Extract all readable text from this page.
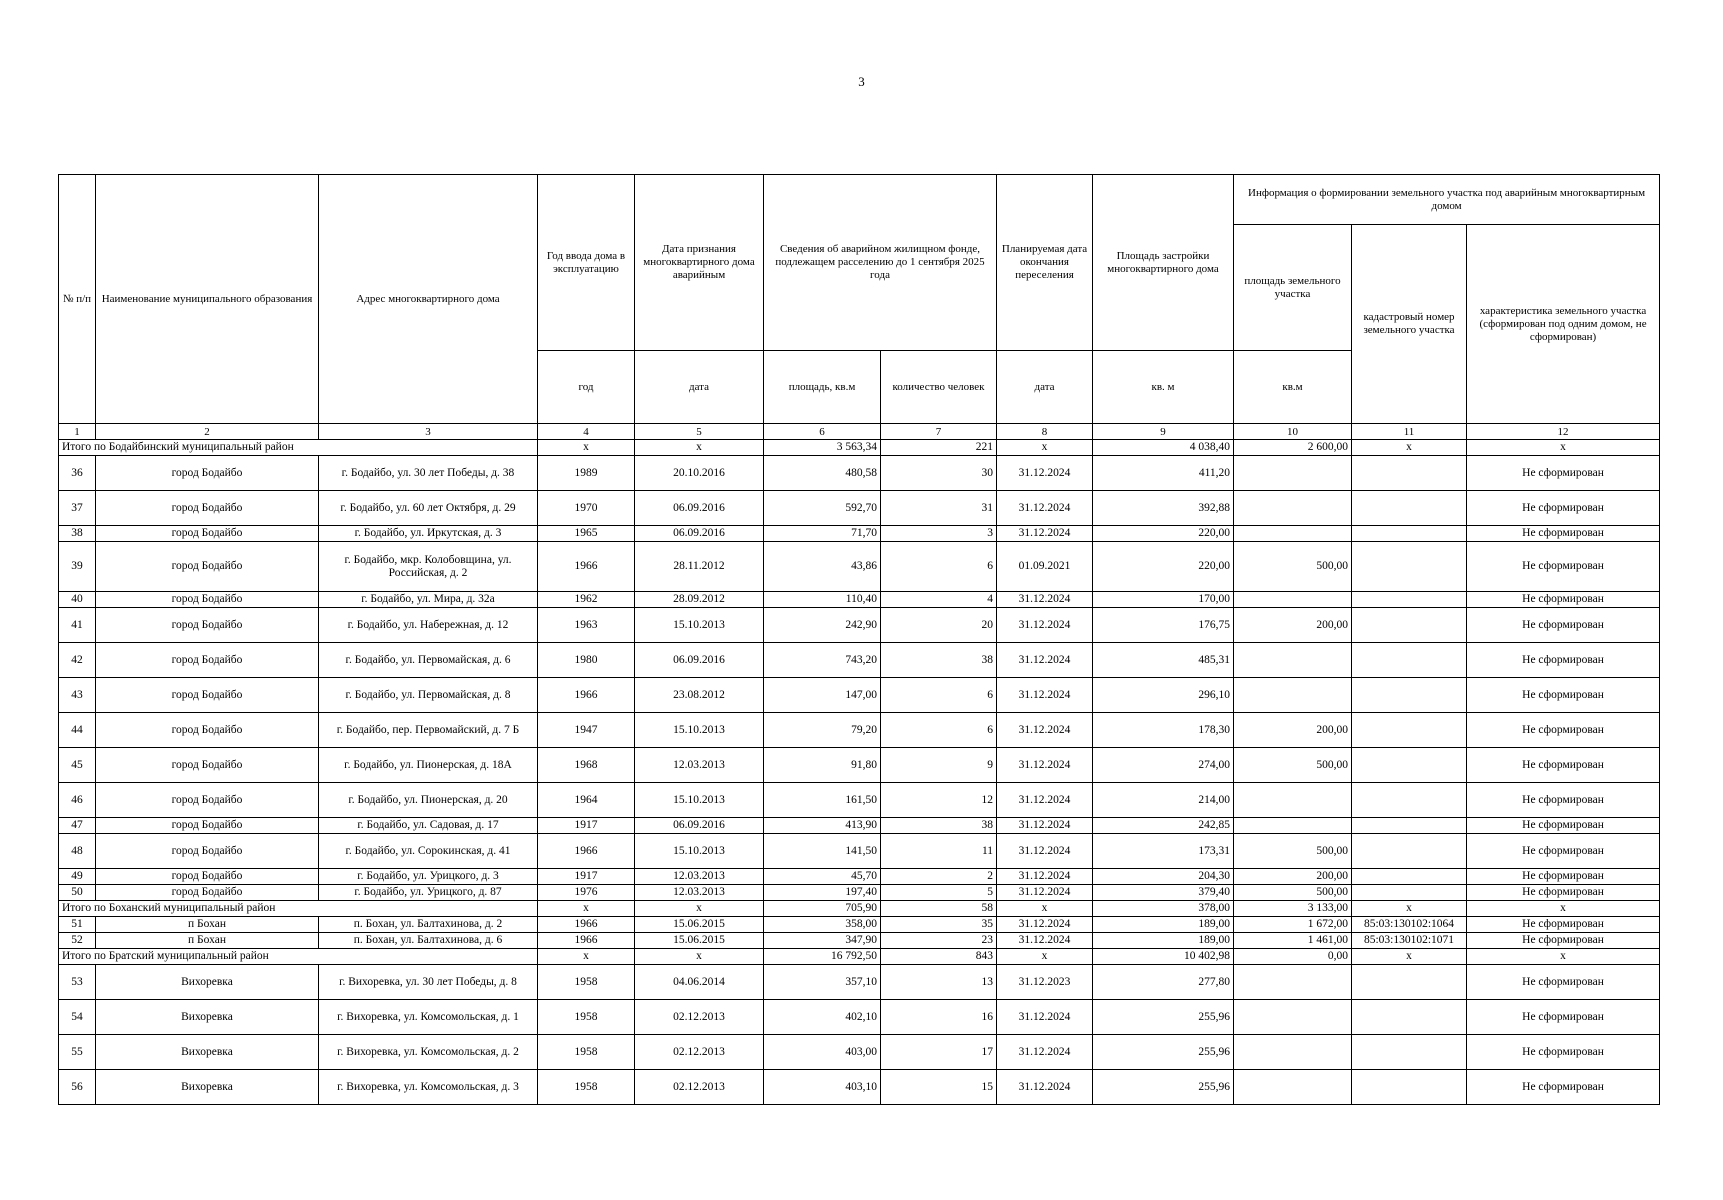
3
№ п/п	Наименование муниципального образования	Адрес многоквартирного дома	Год ввода дома в эксплуатацию	Дата признания многоквартирного дома аварийным	Сведения об аварийном жилищном фонде, подлежащем расселению до 1 сентября 2025 года		Планируемая дата окончания переселения	Площадь застройки многоквартирного дома	Информация о формировании земельного участка под аварийным многоквартирным домом		
									площадь земельного участка	кадастровый номер земельного участка	характеристика земельного участка (сформирован под одним домом, не сформирован)
			год	дата	площадь, кв.м	количество человек	дата	кв. м	кв.м		
1	2	3	4	5	6	7	8	9	10	11	12
Итого по Бодайбинский муниципальный район			x	x	3 563,34	221	x	4 038,40	2 600,00	x	x
36	город Бодайбо	г. Бодайбо, ул. 30 лет Победы, д. 38	1989	20.10.2016	480,58	30	31.12.2024	411,20			Не сформирован
37	город Бодайбо	г. Бодайбо, ул. 60 лет Октября, д. 29	1970	06.09.2016	592,70	31	31.12.2024	392,88			Не сформирован
38	город Бодайбо	г. Бодайбо, ул. Иркутская, д. 3	1965	06.09.2016	71,70	3	31.12.2024	220,00			Не сформирован
39	город Бодайбо	г. Бодайбо, мкр. Колобовщина, ул. Российская, д. 2	1966	28.11.2012	43,86	6	01.09.2021	220,00	500,00		Не сформирован
40	город Бодайбо	г. Бодайбо, ул. Мира, д. 32а	1962	28.09.2012	110,40	4	31.12.2024	170,00			Не сформирован
41	город Бодайбо	г. Бодайбо, ул. Набережная, д. 12	1963	15.10.2013	242,90	20	31.12.2024	176,75	200,00		Не сформирован
42	город Бодайбо	г. Бодайбо, ул. Первомайская, д. 6	1980	06.09.2016	743,20	38	31.12.2024	485,31			Не сформирован
43	город Бодайбо	г. Бодайбо, ул. Первомайская, д. 8	1966	23.08.2012	147,00	6	31.12.2024	296,10			Не сформирован
44	город Бодайбо	г. Бодайбо, пер. Первомайский, д. 7 Б	1947	15.10.2013	79,20	6	31.12.2024	178,30	200,00		Не сформирован
45	город Бодайбо	г. Бодайбо, ул. Пионерская, д. 18А	1968	12.03.2013	91,80	9	31.12.2024	274,00	500,00		Не сформирован
46	город Бодайбо	г. Бодайбо, ул. Пионерская, д. 20	1964	15.10.2013	161,50	12	31.12.2024	214,00			Не сформирован
47	город Бодайбо	г. Бодайбо, ул. Садовая, д. 17	1917	06.09.2016	413,90	38	31.12.2024	242,85			Не сформирован
48	город Бодайбо	г. Бодайбо, ул. Сорокинская, д. 41	1966	15.10.2013	141,50	11	31.12.2024	173,31	500,00		Не сформирован
49	город Бодайбо	г. Бодайбо, ул. Урицкого, д. 3	1917	12.03.2013	45,70	2	31.12.2024	204,30	200,00		Не сформирован
50	город Бодайбо	г. Бодайбо, ул. Урицкого, д. 87	1976	12.03.2013	197,40	5	31.12.2024	379,40	500,00		Не сформирован
Итого по Боханский муниципальный район			x	x	705,90	58	x	378,00	3 133,00	x	x
51	п Бохан	п. Бохан, ул. Балтахинова, д. 2	1966	15.06.2015	358,00	35	31.12.2024	189,00	1 672,00	85:03:130102:1064	Не сформирован
52	п Бохан	п. Бохан, ул. Балтахинова, д. 6	1966	15.06.2015	347,90	23	31.12.2024	189,00	1 461,00	85:03:130102:1071	Не сформирован
Итого по Братский муниципальный район			x	x	16 792,50	843	x	10 402,98	0,00	x	x
53	Вихоревка	г. Вихоревка, ул. 30 лет Победы, д. 8	1958	04.06.2014	357,10	13	31.12.2023	277,80			Не сформирован
54	Вихоревка	г. Вихоревка, ул. Комсомольская, д. 1	1958	02.12.2013	402,10	16	31.12.2024	255,96			Не сформирован
55	Вихоревка	г. Вихоревка, ул. Комсомольская, д. 2	1958	02.12.2013	403,00	17	31.12.2024	255,96			Не сформирован
56	Вихоревка	г. Вихоревка, ул. Комсомольская, д. 3	1958	02.12.2013	403,10	15	31.12.2024	255,96			Не сформирован
